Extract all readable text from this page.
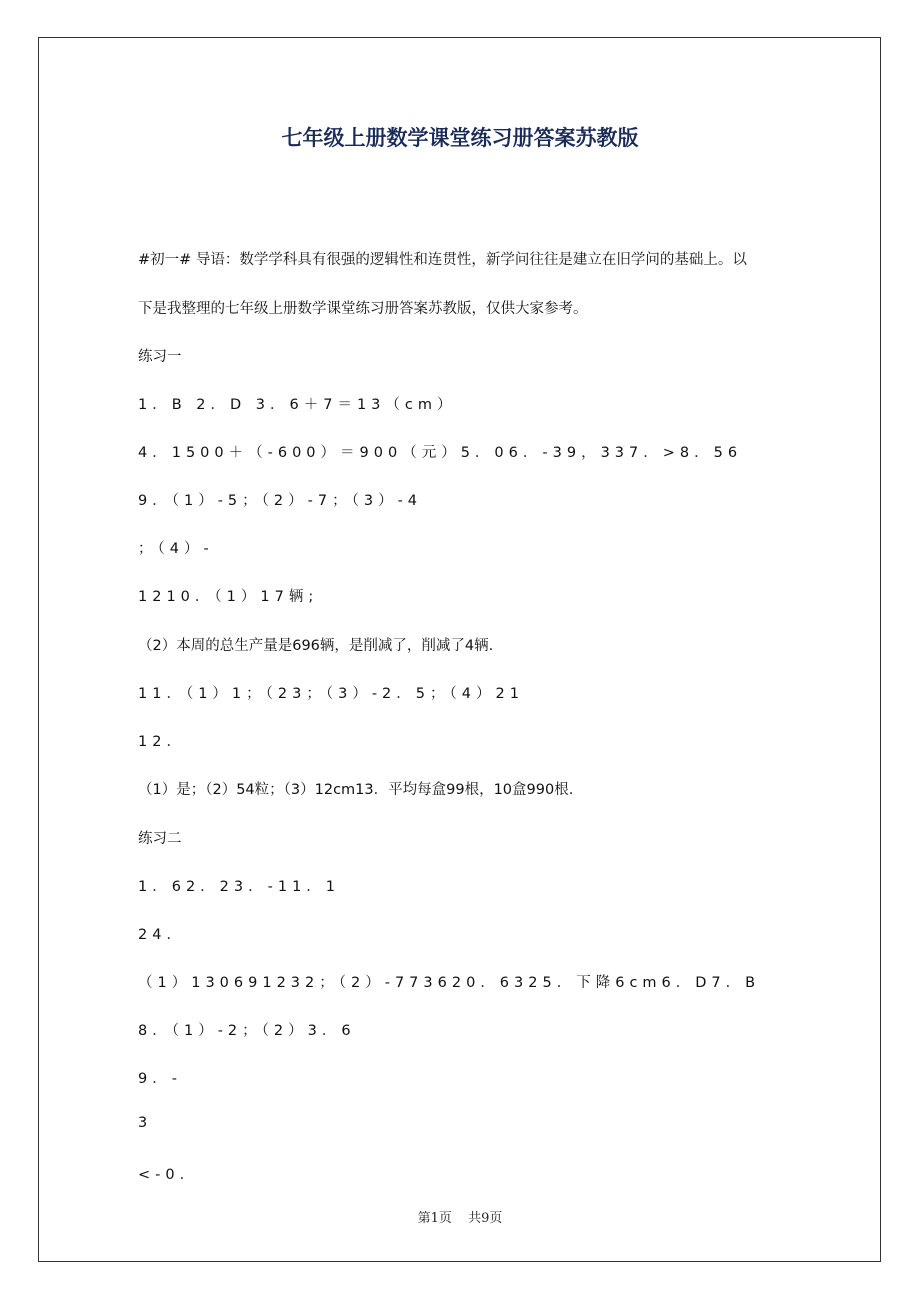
七年级上册数学课堂练习册答案苏教版
#初一# 导语：数学学科具有很强的逻辑性和连贯性，新学问往往是建立在旧学问的基础上。以
下是我整理的七年级上册数学课堂练习册答案苏教版，仅供大家参考。
练习一
1．B 2．D 3．6＋7＝13（cm）
4．1500＋（-600）＝900（元）5．06．-39，337．>8．56
9．（1）-5；（2）-7；（3）-4
；（4）-
1210．（1）17辆;
（2）本周的总生产量是696辆，是削减了，削减了4辆.
11．（1）1；（23；（3）-2．5；（4）21
12．
（1）是；（2）54粒；（3）12cm13．平均每盒99根，10盒990根.
练习二
1．62．23．-11．1
24．
（1）130691232；（2）-773620．6325．下降6cm6．D7．B
8．（1）-2；（2）3．6
9．-
3
<-0．
第1页 共9页
